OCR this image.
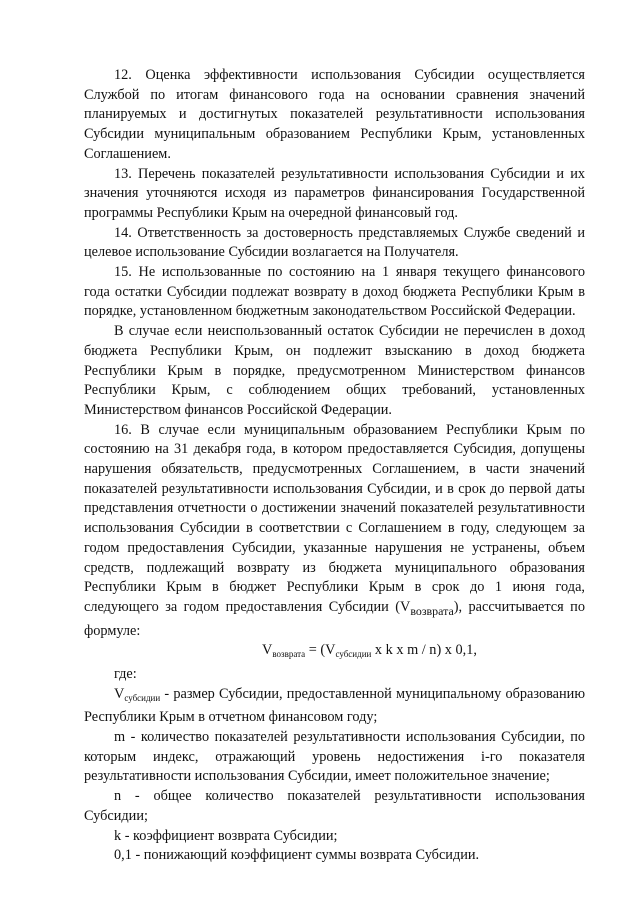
12. Оценка эффективности использования Субсидии осуществляется Службой по итогам финансового года на основании сравнения значений планируемых и достигнутых показателей результативности использования Субсидии муниципальным образованием Республики Крым, установленных Соглашением.

13. Перечень показателей результативности использования Субсидии и их значения уточняются исходя из параметров финансирования Государственной программы Республики Крым на очередной финансовый год.

14. Ответственность за достоверность представляемых Службе сведений и целевое использование Субсидии возлагается на Получателя.

15. Не использованные по состоянию на 1 января текущего финансового года остатки Субсидии подлежат возврату в доход бюджета Республики Крым в порядке, установленном бюджетным законодательством Российской Федерации.

В случае если неиспользованный остаток Субсидии не перечислен в доход бюджета Республики Крым, он подлежит взысканию в доход бюджета Республики Крым в порядке, предусмотренном Министерством финансов Республики Крым, с соблюдением общих требований, установленных Министерством финансов Российской Федерации.

16. В случае если муниципальным образованием Республики Крым по состоянию на 31 декабря года, в котором предоставляется Субсидия, допущены нарушения обязательств, предусмотренных Соглашением, в части значений показателей результативности использования Субсидии, и в срок до первой даты представления отчетности о достижении значений показателей результативности использования Субсидии в соответствии с Соглашением в году, следующем за годом предоставления Субсидии, указанные нарушения не устранены, объем средств, подлежащий возврату из бюджета муниципального образования Республики Крым в бюджет Республики Крым в срок до 1 июня года, следующего за годом предоставления Субсидии $(V_{возврата})$, рассчитывается по формуле:

$V_{возврата} = (V_{субсидии}$ x k x m / n) x 0,1,

где:

$V_{субсидии}$ - размер Субсидии, предоставленной муниципальному образованию Республики Крым в отчетном финансовом году;

m - количество показателей результативности использования Субсидии, по которым индекс, отражающий уровень недостижения i-го показателя результативности использования Субсидии, имеет положительное значение;

n - общее количество показателей результативности использования Субсидии;

k - коэффициент возврата Субсидии;

0,1 - понижающий коэффициент суммы возврата Субсидии.
